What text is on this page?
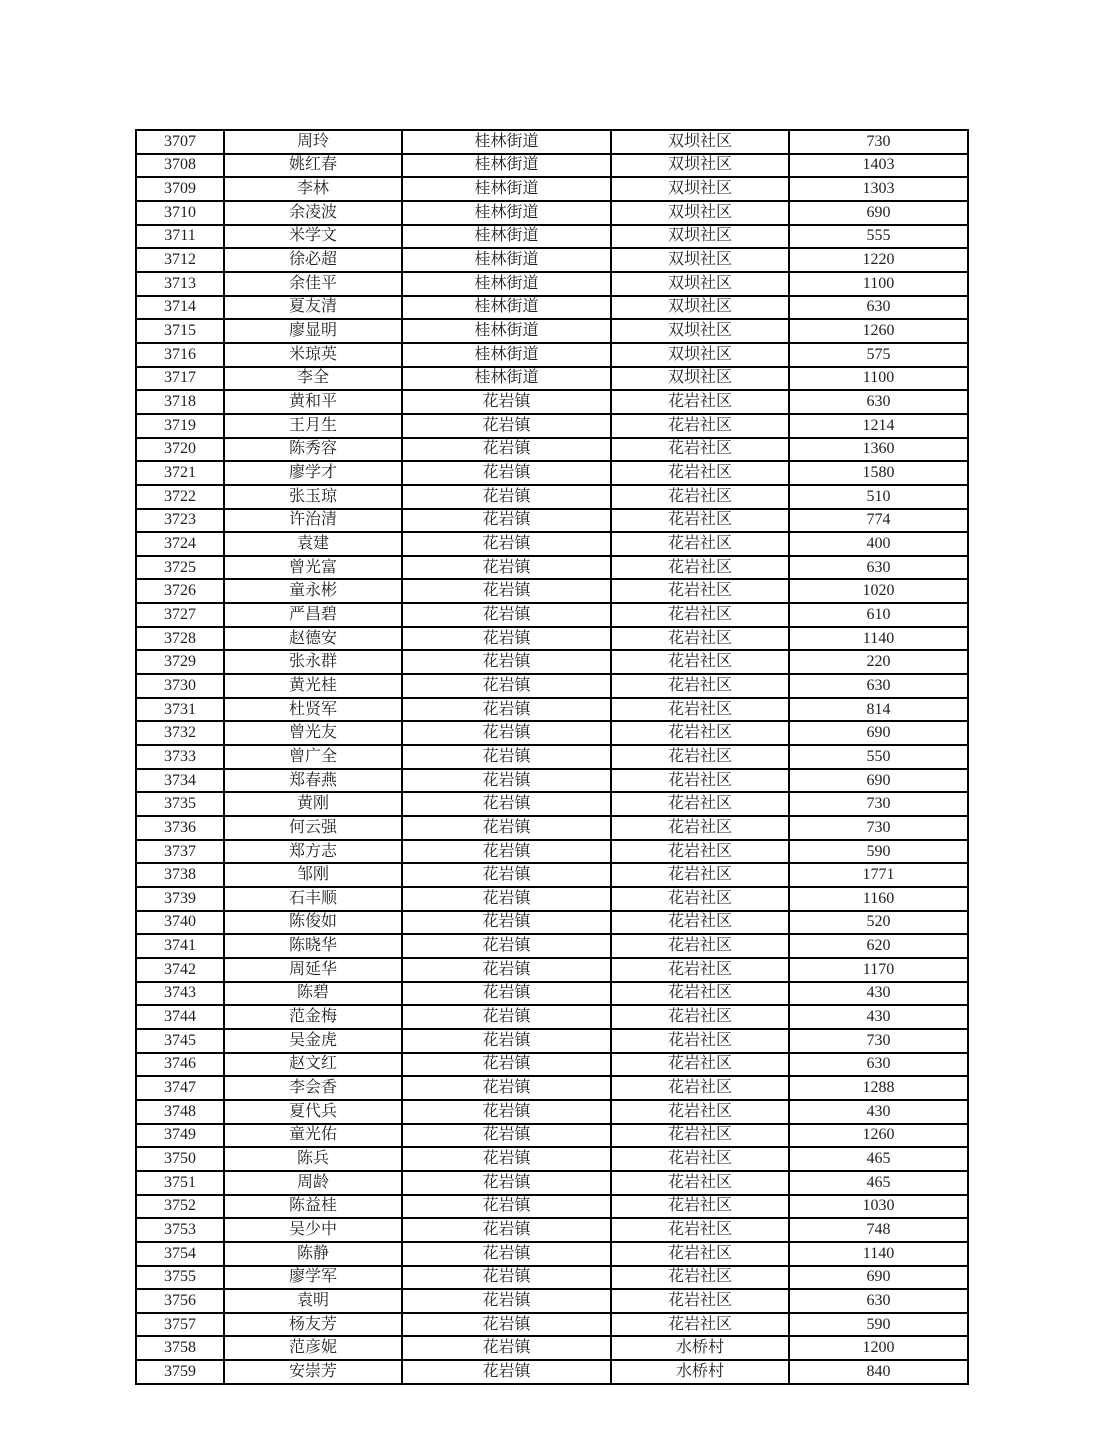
3707	周玲	桂林街道	双坝社区	730
3708	姚红春	桂林街道	双坝社区	1403
3709	李林	桂林街道	双坝社区	1303
3710	余凌波	桂林街道	双坝社区	690
3711	米学文	桂林街道	双坝社区	555
3712	徐必超	桂林街道	双坝社区	1220
3713	余佳平	桂林街道	双坝社区	1100
3714	夏友清	桂林街道	双坝社区	630
3715	廖显明	桂林街道	双坝社区	1260
3716	米琼英	桂林街道	双坝社区	575
3717	李全	桂林街道	双坝社区	1100
3718	黄和平	花岩镇	花岩社区	630
3719	王月生	花岩镇	花岩社区	1214
3720	陈秀容	花岩镇	花岩社区	1360
3721	廖学才	花岩镇	花岩社区	1580
3722	张玉琼	花岩镇	花岩社区	510
3723	许治清	花岩镇	花岩社区	774
3724	袁建	花岩镇	花岩社区	400
3725	曾光富	花岩镇	花岩社区	630
3726	童永彬	花岩镇	花岩社区	1020
3727	严昌碧	花岩镇	花岩社区	610
3728	赵德安	花岩镇	花岩社区	1140
3729	张永群	花岩镇	花岩社区	220
3730	黄光桂	花岩镇	花岩社区	630
3731	杜贤军	花岩镇	花岩社区	814
3732	曾光友	花岩镇	花岩社区	690
3733	曾广全	花岩镇	花岩社区	550
3734	郑春燕	花岩镇	花岩社区	690
3735	黄刚	花岩镇	花岩社区	730
3736	何云强	花岩镇	花岩社区	730
3737	郑方志	花岩镇	花岩社区	590
3738	邹刚	花岩镇	花岩社区	1771
3739	石丰顺	花岩镇	花岩社区	1160
3740	陈俊如	花岩镇	花岩社区	520
3741	陈晓华	花岩镇	花岩社区	620
3742	周延华	花岩镇	花岩社区	1170
3743	陈碧	花岩镇	花岩社区	430
3744	范金梅	花岩镇	花岩社区	430
3745	吴金虎	花岩镇	花岩社区	730
3746	赵文红	花岩镇	花岩社区	630
3747	李会香	花岩镇	花岩社区	1288
3748	夏代兵	花岩镇	花岩社区	430
3749	童光佑	花岩镇	花岩社区	1260
3750	陈兵	花岩镇	花岩社区	465
3751	周龄	花岩镇	花岩社区	465
3752	陈益桂	花岩镇	花岩社区	1030
3753	吴少中	花岩镇	花岩社区	748
3754	陈静	花岩镇	花岩社区	1140
3755	廖学军	花岩镇	花岩社区	690
3756	袁明	花岩镇	花岩社区	630
3757	杨友芳	花岩镇	花岩社区	590
3758	范彦妮	花岩镇	水桥村	1200
3759	安崇芳	花岩镇	水桥村	840
